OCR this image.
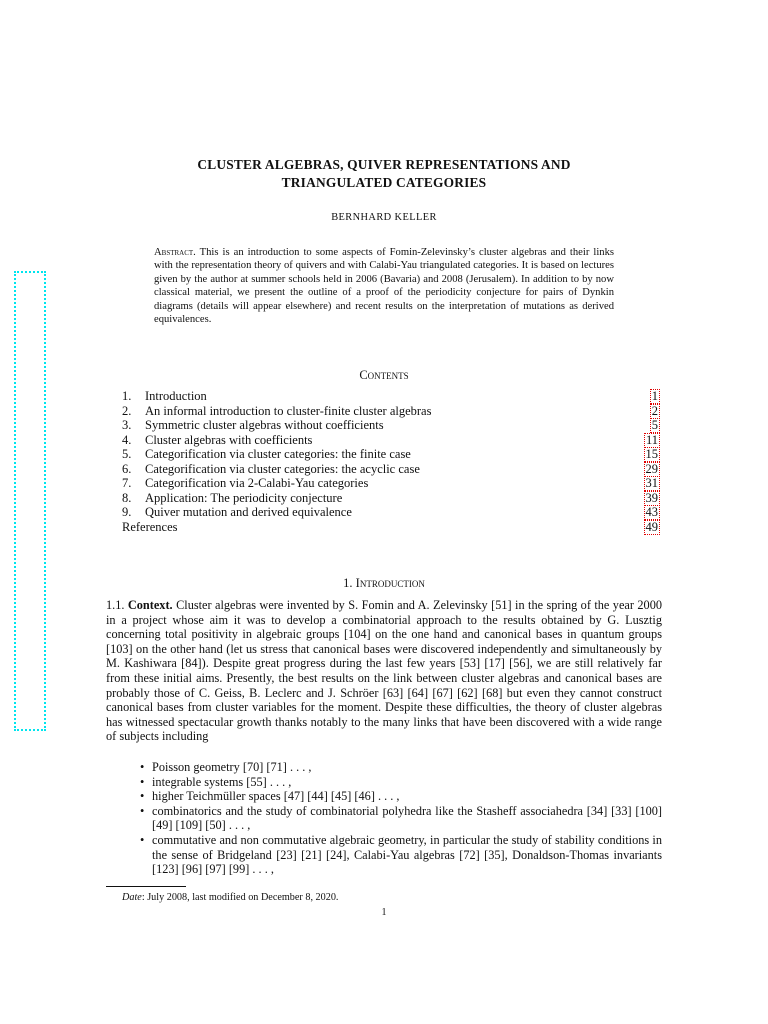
CLUSTER ALGEBRAS, QUIVER REPRESENTATIONS AND
TRIANGULATED CATEGORIES
BERNHARD KELLER
Abstract. This is an introduction to some aspects of Fomin-Zelevinsky’s cluster algebras and their links with the representation theory of quivers and with Calabi-Yau triangulated categories. It is based on lectures given by the author at summer schools held in 2006 (Bavaria) and 2008 (Jerusalem). In addition to by now classical material, we present the outline of a proof of the periodicity conjecture for pairs of Dynkin diagrams (details will appear elsewhere) and recent results on the interpretation of mutations as derived equivalences.
Contents
1.	Introduction	1
2.	An informal introduction to cluster-finite cluster algebras	2
3.	Symmetric cluster algebras without coefficients	5
4.	Cluster algebras with coefficients	11
5.	Categorification via cluster categories: the finite case	15
6.	Categorification via cluster categories: the acyclic case	29
7.	Categorification via 2-Calabi-Yau categories	31
8.	Application: The periodicity conjecture	39
9.	Quiver mutation and derived equivalence	43
References	49
1. Introduction
1.1. Context. Cluster algebras were invented by S. Fomin and A. Zelevinsky [51] in the spring of the year 2000 in a project whose aim it was to develop a combinatorial approach to the results obtained by G. Lusztig concerning total positivity in algebraic groups [104] on the one hand and canonical bases in quantum groups [103] on the other hand (let us stress that canonical bases were discovered independently and simultaneously by M. Kashiwara [84]). Despite great progress during the last few years [53] [17] [56], we are still relatively far from these initial aims. Presently, the best results on the link between cluster algebras and canonical bases are probably those of C. Geiss, B. Leclerc and J. Schröer [63] [64] [67] [62] [68] but even they cannot construct canonical bases from cluster variables for the moment. Despite these difficulties, the theory of cluster algebras has witnessed spectacular growth thanks notably to the many links that have been discovered with a wide range of subjects including
• Poisson geometry [70] [71] . . . ,
• integrable systems [55] . . . ,
• higher Teichmüller spaces [47] [44] [45] [46] . . . ,
• combinatorics and the study of combinatorial polyhedra like the Stasheff associahedra [34] [33] [100] [49] [109] [50] . . . ,
• commutative and non commutative algebraic geometry, in particular the study of stability conditions in the sense of Bridgeland [23] [21] [24], Calabi-Yau algebras [72] [35], Donaldson-Thomas invariants [123] [96] [97] [99] . . . ,
Date: July 2008, last modified on December 8, 2020.
1
